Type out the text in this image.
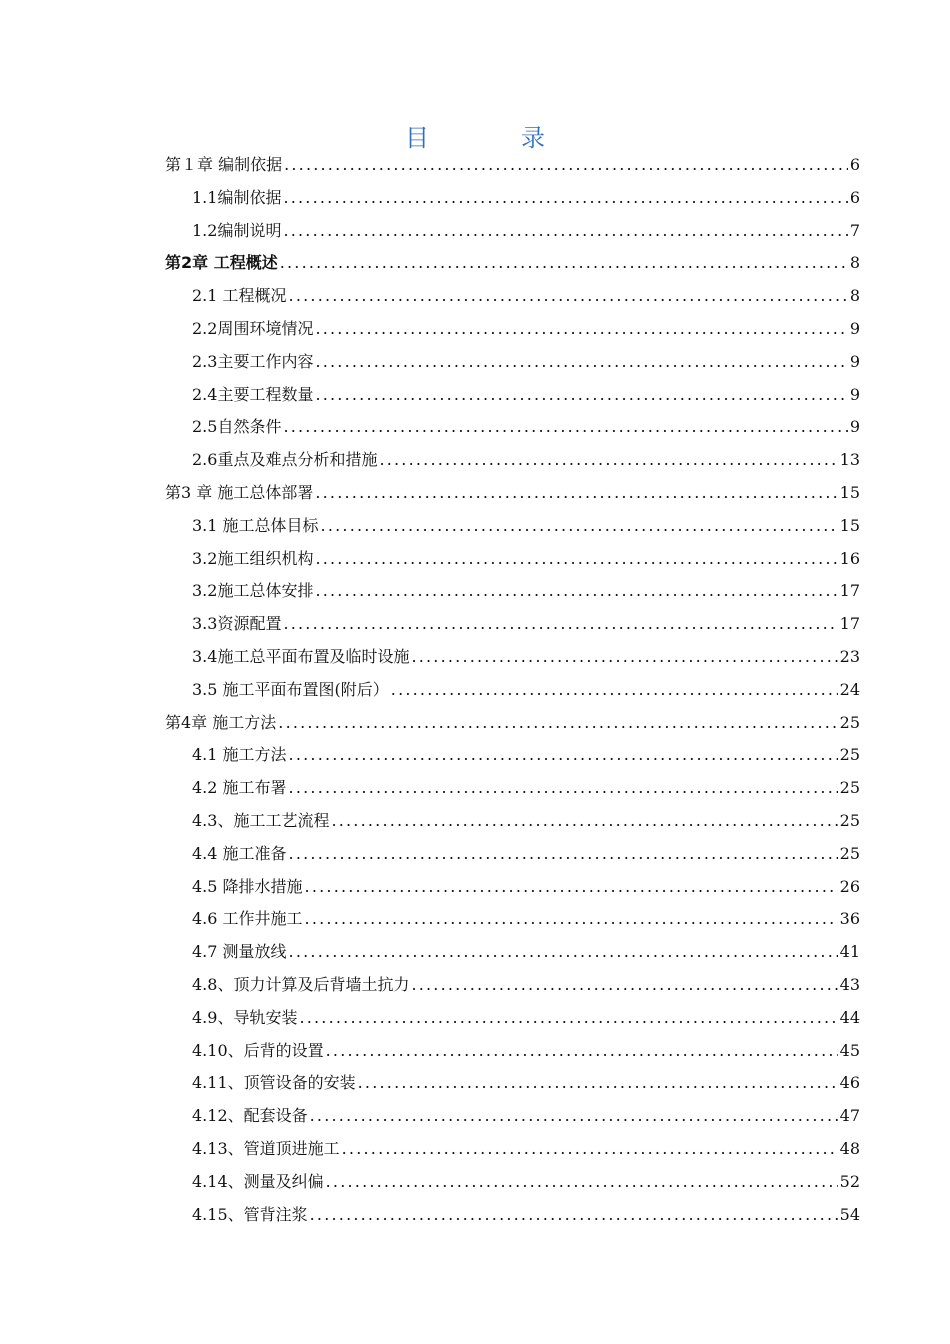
目	录
第１章 编制依据 .....	6
1.1编制依据 .....	6
1.2编制说明 .....	7
第2章 工程概述 .....	8
2.1 工程概况 .....	8
2.2周围环境情况 .....	9
2.3主要工作内容 .....	9
2.4主要工程数量 .....	9
2.5自然条件 .....	9
2.6重点及难点分析和措施 .....	13
第3 章 施工总体部署 .....	15
3.1 施工总体目标 .....	15
3.2施工组织机构 .....	16
3.2施工总体安排 .....	17
3.3资源配置 .....	17
3.4施工总平面布置及临时设施 .....	23
3.5 施工平面布置图(附后） .....	24
第4章 施工方法 .....	25
4.1 施工方法 .....	25
4.2 施工布署 .....	25
4.3、施工工艺流程 .....	25
4.4 施工准备 .....	25
4.5 降排水措施 .....	26
4.6 工作井施工 .....	36
4.7 测量放线 .....	41
4.8、顶力计算及后背墙土抗力 .....	43
4.9、导轨安装 .....	44
4.10、后背的设置 .....	45
4.11、顶管设备的安装 .....	46
4.12、配套设备 .....	47
4.13、管道顶进施工 .....	48
4.14、测量及纠偏 .....	52
4.15、管背注浆 .....	54
